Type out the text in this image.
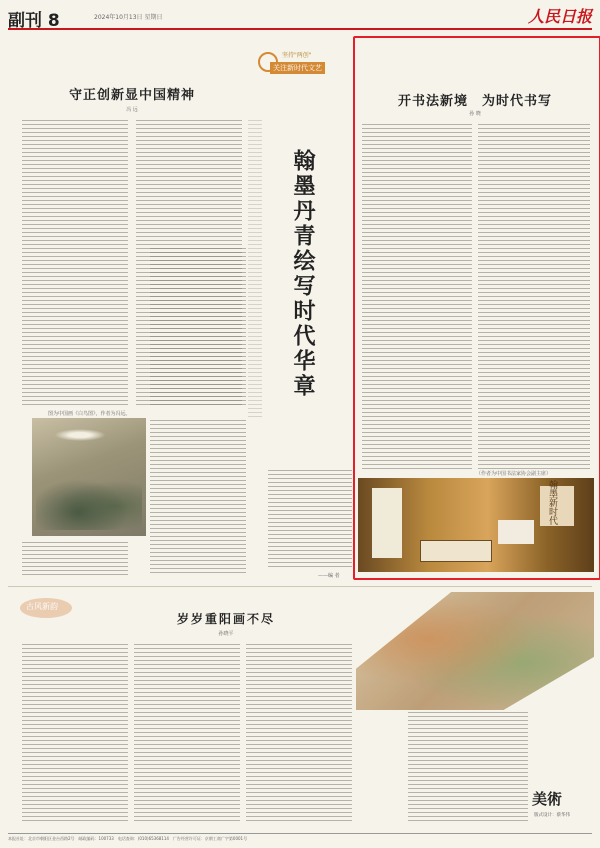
副刊 8	2024年10月13日 星期日	人民日报
守正创新显中国精神
冯 远
图为中国画《白鸟图》，作者为冯远。
坚持"两创"
关注新时代文艺
翰墨丹青绘写时代华章
——编 者
开书法新境　为时代书写
孙 晓
（作者为中国书法家协会副主席）
翰墨新时代
古风新韵
岁岁重阳画不尽
孙晓平
美術
版式设计：蔡华伟
本报社址：北京市朝阳区金台西路2号　邮政编码：100733　电话查询：(010)65368114　广告经营许可证：京朝工商广字第0001号
